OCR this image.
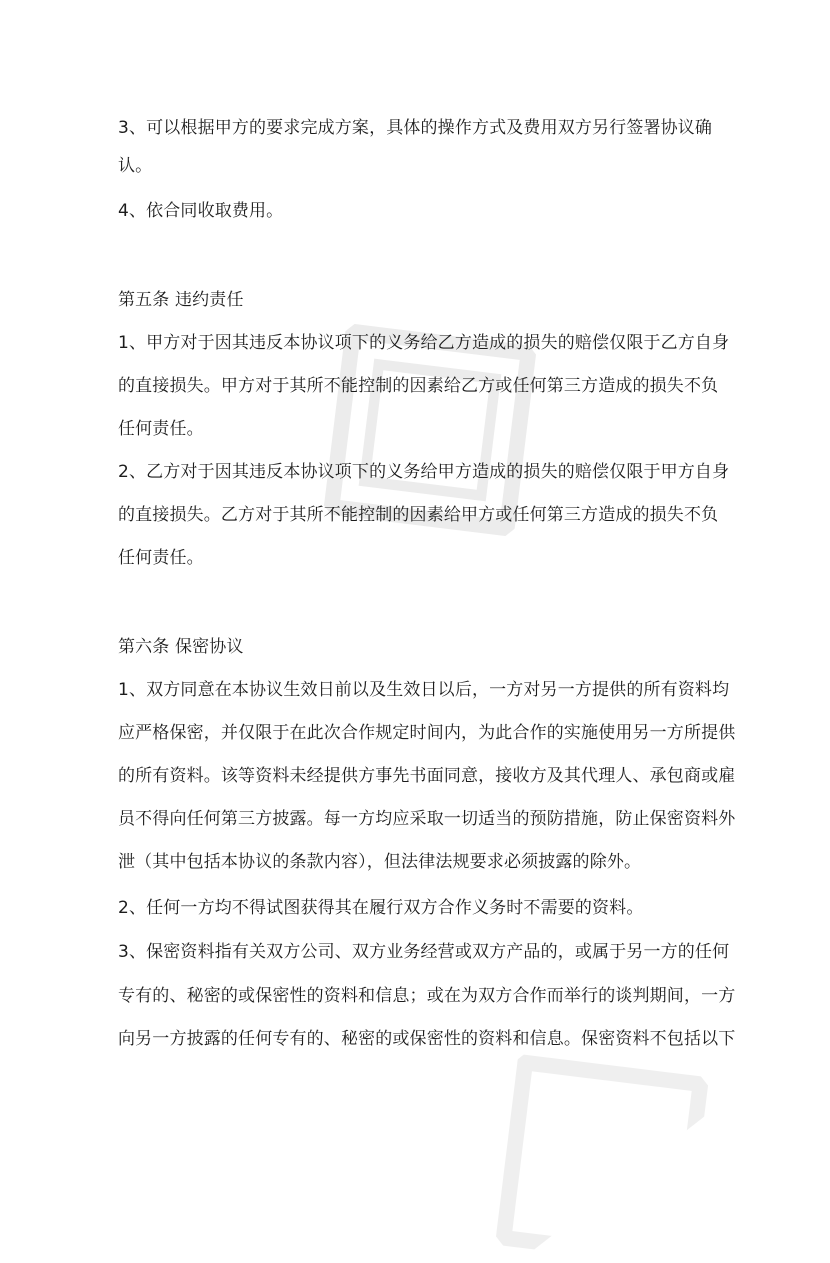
3、可以根据甲方的要求完成方案，具体的操作方式及费用双方另行签署协议确
认。
4、依合同收取费用。
第五条 违约责任
1、甲方对于因其违反本协议项下的义务给乙方造成的损失的赔偿仅限于乙方自身
的直接损失。甲方对于其所不能控制的因素给乙方或任何第三方造成的损失不负
任何责任。
2、乙方对于因其违反本协议项下的义务给甲方造成的损失的赔偿仅限于甲方自身
的直接损失。乙方对于其所不能控制的因素给甲方或任何第三方造成的损失不负
任何责任。
第六条 保密协议
1、双方同意在本协议生效日前以及生效日以后，一方对另一方提供的所有资料均
应严格保密，并仅限于在此次合作规定时间内，为此合作的实施使用另一方所提供
的所有资料。该等资料未经提供方事先书面同意，接收方及其代理人、承包商或雇
员不得向任何第三方披露。每一方均应采取一切适当的预防措施，防止保密资料外
泄（其中包括本协议的条款内容），但法律法规要求必须披露的除外。
2、任何一方均不得试图获得其在履行双方合作义务时不需要的资料。
3、保密资料指有关双方公司、双方业务经营或双方产品的，或属于另一方的任何
专有的、秘密的或保密性的资料和信息；或在为双方合作而举行的谈判期间，一方
向另一方披露的任何专有的、秘密的或保密性的资料和信息。保密资料不包括以下
